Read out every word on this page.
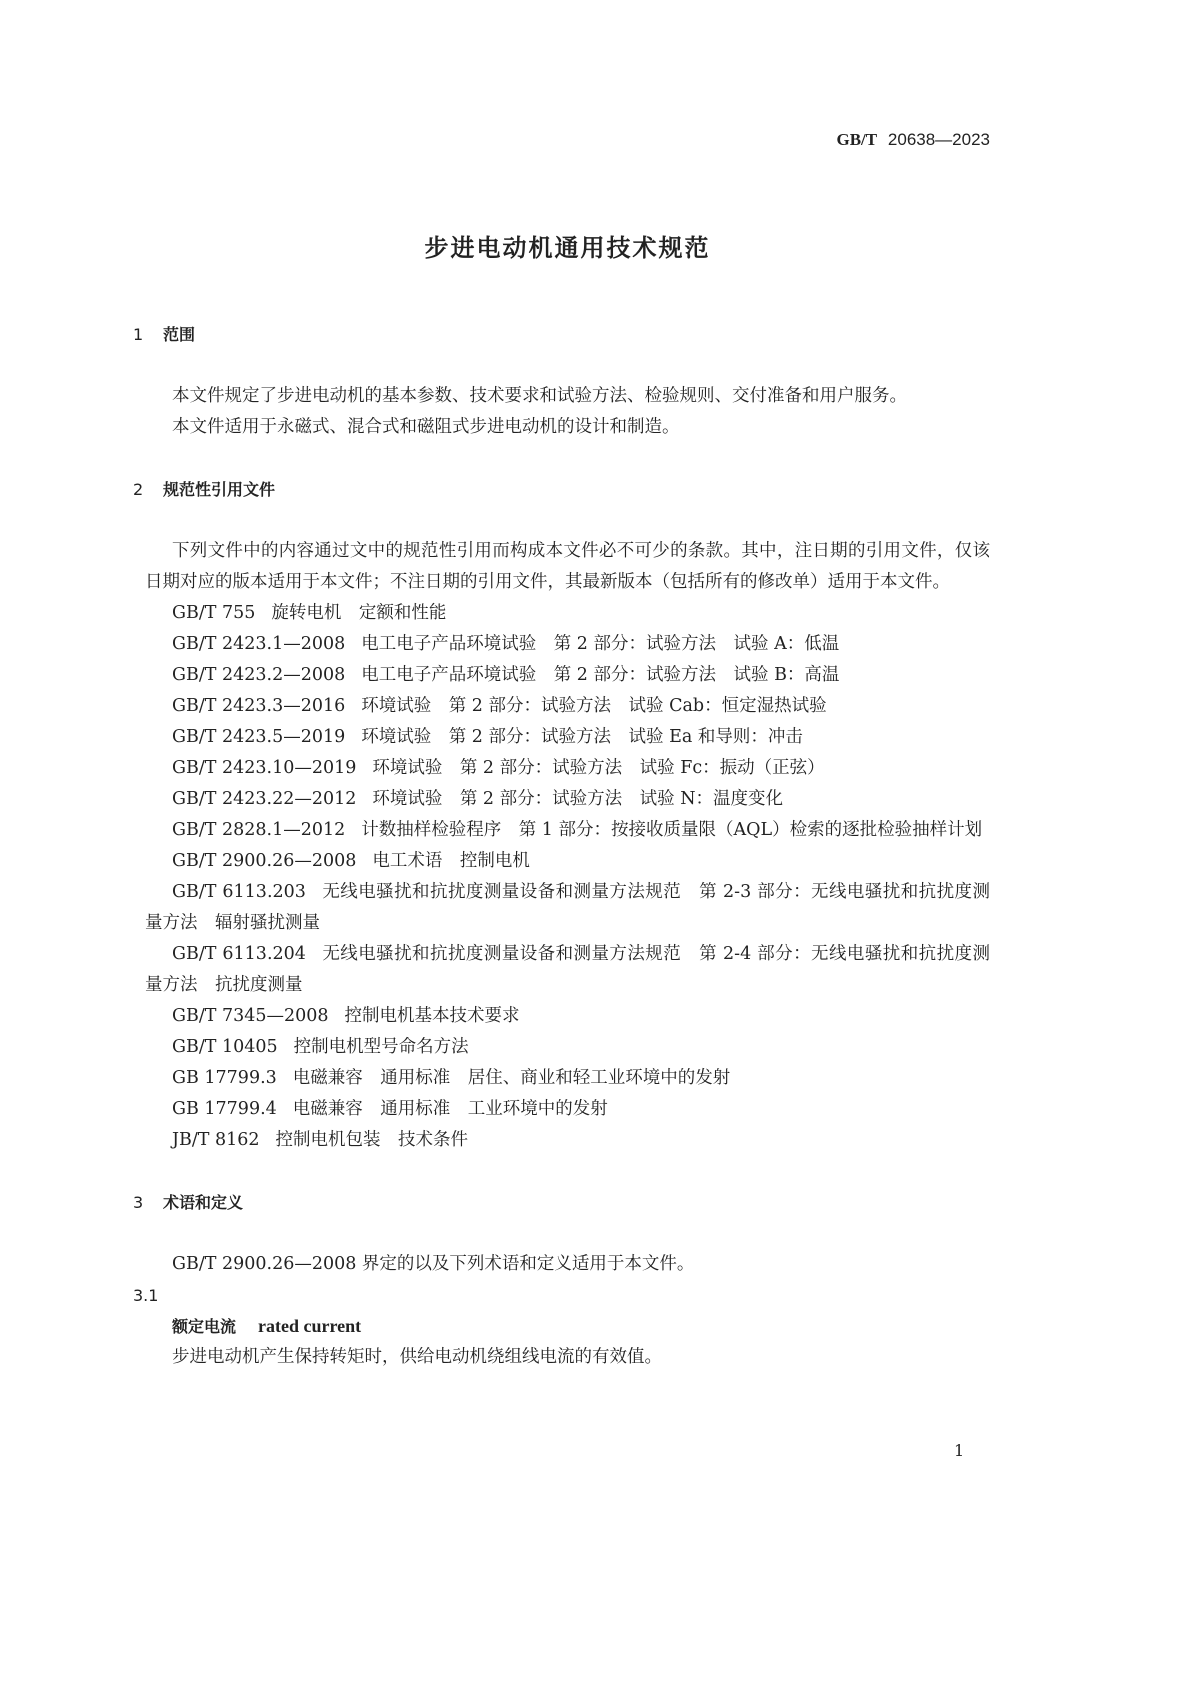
GB/T 20638—2023
步进电动机通用技术规范
1 范围
本文件规定了步进电动机的基本参数、技术要求和试验方法、检验规则、交付准备和用户服务。
本文件适用于永磁式、混合式和磁阻式步进电动机的设计和制造。
2 规范性引用文件
下列文件中的内容通过文中的规范性引用而构成本文件必不可少的条款。其中，注日期的引用文件，仅该日期对应的版本适用于本文件；不注日期的引用文件，其最新版本（包括所有的修改单）适用于本文件。
GB/T 755 旋转电机　定额和性能
GB/T 2423.1—2008 电工电子产品环境试验　第 2 部分：试验方法　试验 A：低温
GB/T 2423.2—2008 电工电子产品环境试验　第 2 部分：试验方法　试验 B：高温
GB/T 2423.3—2016 环境试验　第 2 部分：试验方法　试验 Cab：恒定湿热试验
GB/T 2423.5—2019 环境试验　第 2 部分：试验方法　试验 Ea 和导则：冲击
GB/T 2423.10—2019 环境试验　第 2 部分：试验方法　试验 Fc：振动（正弦）
GB/T 2423.22—2012 环境试验　第 2 部分：试验方法　试验 N：温度变化
GB/T 2828.1—2012 计数抽样检验程序　第 1 部分：按接收质量限（AQL）检索的逐批检验抽样计划
GB/T 2900.26—2008 电工术语　控制电机
GB/T 6113.203 无线电骚扰和抗扰度测量设备和测量方法规范　第 2-3 部分：无线电骚扰和抗扰度测量方法　辐射骚扰测量
GB/T 6113.204 无线电骚扰和抗扰度测量设备和测量方法规范　第 2-4 部分：无线电骚扰和抗扰度测量方法　抗扰度测量
GB/T 7345—2008 控制电机基本技术要求
GB/T 10405 控制电机型号命名方法
GB 17799.3 电磁兼容　通用标准　居住、商业和轻工业环境中的发射
GB 17799.4 电磁兼容　通用标准　工业环境中的发射
JB/T 8162 控制电机包装　技术条件
3 术语和定义
GB/T 2900.26—2008 界定的以及下列术语和定义适用于本文件。
3.1
额定电流 rated current
步进电动机产生保持转矩时，供给电动机绕组线电流的有效值。
1
